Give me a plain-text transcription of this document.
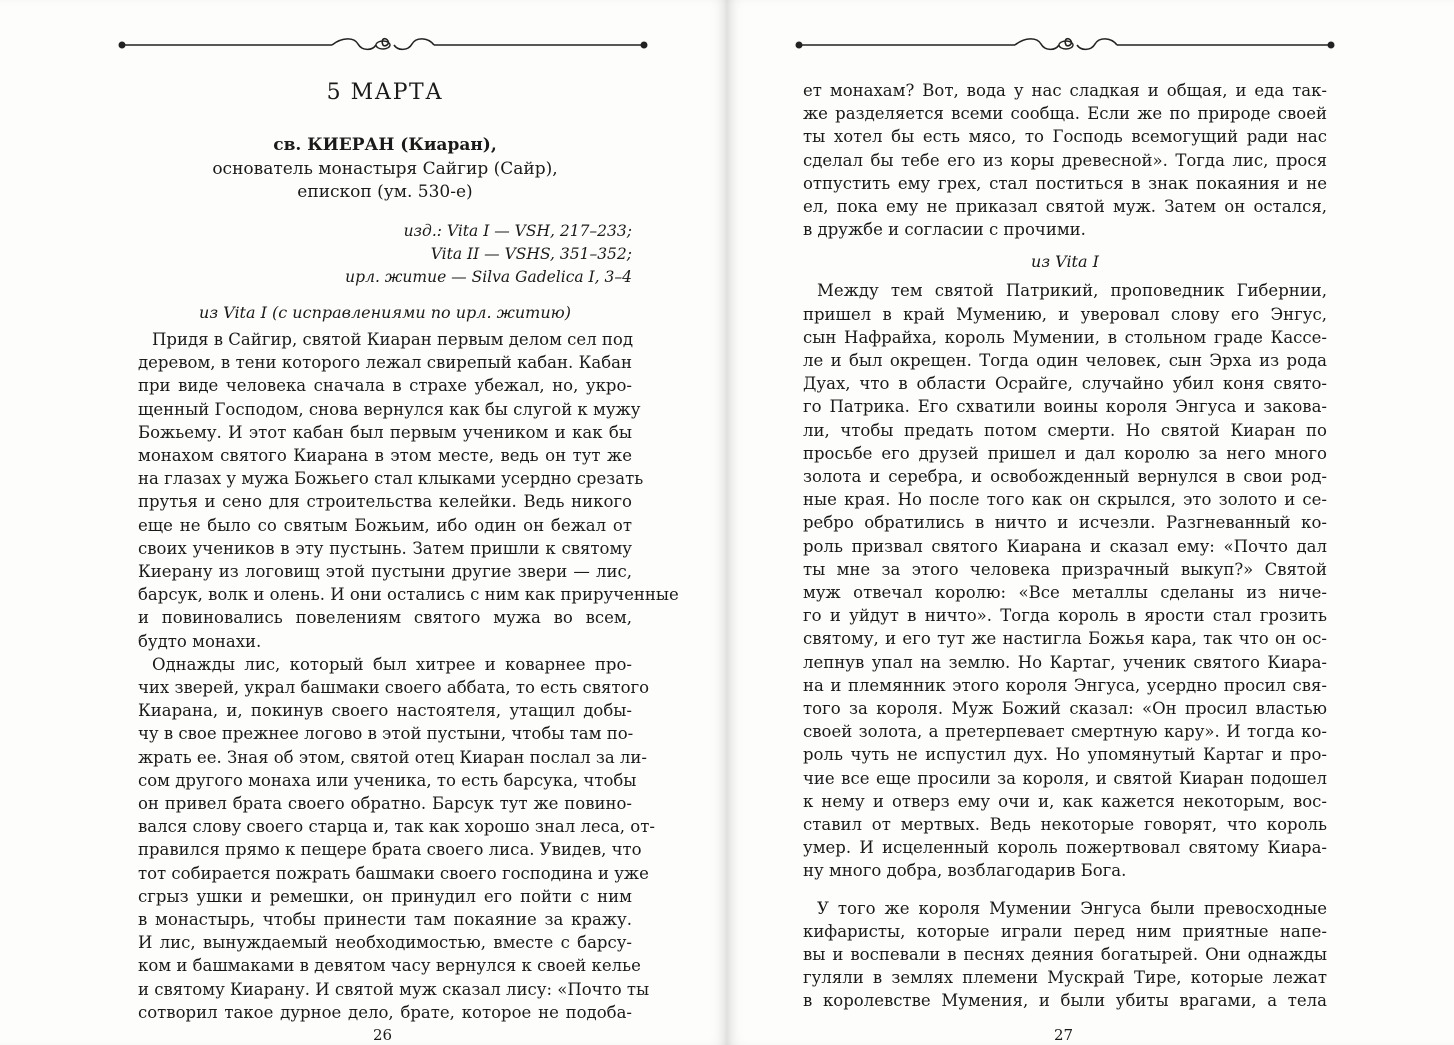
5 МАРТА
св. КИЕРАН (Киаран),
основатель монастыря Сайгир (Сайр),
епископ (ум. 530-е)
изд.: Vita I — VSH, 217–233;
Vita II — VSHS, 351–352;
ирл. житие — Silva Gadelica I, 3–4
из Vita I (с исправлениями по ирл. житию)
Придя в Сайгир, святой Киаран первым делом сел под
деревом, в тени которого лежал свирепый кабан. Кабан
при виде человека сначала в страхе убежал, но, укро-
щенный Господом, снова вернулся как бы слугой к мужу
Божьему. И этот кабан был первым учеником и как бы
монахом святого Киарана в этом месте, ведь он тут же
на глазах у мужа Божьего стал клыками усердно срезать
прутья и сено для строительства келейки. Ведь никого
еще не было со святым Божьим, ибо один он бежал от
своих учеников в эту пустынь. Затем пришли к святому
Киерану из логовищ этой пустыни другие звери — лис,
барсук, волк и олень. И они остались с ним как прирученные
и повиновались повелениям святого мужа во всем,
будто монахи.
Однажды лис, который был хитрее и коварнее про-
чих зверей, украл башмаки своего аббата, то есть святого
Киарана, и, покинув своего настоятеля, утащил добы-
чу в свое прежнее логово в этой пустыни, чтобы там по-
жрать ее. Зная об этом, святой отец Киаран послал за ли-
сом другого монаха или ученика, то есть барсука, чтобы
он привел брата своего обратно. Барсук тут же повино-
вался слову своего старца и, так как хорошо знал леса, от-
правился прямо к пещере брата своего лиса. Увидев, что
тот собирается пожрать башмаки своего господина и уже
сгрыз ушки и ремешки, он принудил его пойти с ним
в монастырь, чтобы принести там покаяние за кражу.
И лис, вынуждаемый необходимостью, вместе с барсу-
ком и башмаками в девятом часу вернулся к своей келье
и святому Киарану. И святой муж сказал лису: «Почто ты
сотворил такое дурное дело, брате, которое не подоба-
26
ет монахам? Вот, вода у нас сладкая и общая, и еда так-
же разделяется всеми сообща. Если же по природе своей
ты хотел бы есть мясо, то Господь всемогущий ради нас
сделал бы тебе его из коры древесной». Тогда лис, прося
отпустить ему грех, стал поститься в знак покаяния и не
ел, пока ему не приказал святой муж. Затем он остался,
в дружбе и согласии с прочими.
из Vita I
Между тем святой Патрикий, проповедник Гибернии,
пришел в край Мумению, и уверовал слову его Энгус,
сын Нафрайха, король Мумении, в стольном граде Кассе-
ле и был окрещен. Тогда один человек, сын Эрха из рода
Дуах, что в области Осрайге, случайно убил коня свято-
го Патрика. Его схватили воины короля Энгуса и закова-
ли, чтобы предать потом смерти. Но святой Киаран по
просьбе его друзей пришел и дал королю за него много
золота и серебра, и освобожденный вернулся в свои род-
ные края. Но после того как он скрылся, это золото и се-
ребро обратились в ничто и исчезли. Разгневанный ко-
роль призвал святого Киарана и сказал ему: «Почто дал
ты мне за этого человека призрачный выкуп?» Святой
муж отвечал королю: «Все металлы сделаны из ниче-
го и уйдут в ничто». Тогда король в ярости стал грозить
святому, и его тут же настигла Божья кара, так что он ос-
лепнув упал на землю. Но Картаг, ученик святого Киара-
на и племянник этого короля Энгуса, усердно просил свя-
того за короля. Муж Божий сказал: «Он просил властью
своей золота, а претерпевает смертную кару». И тогда ко-
роль чуть не испустил дух. Но упомянутый Картаг и про-
чие все еще просили за короля, и святой Киаран подошел
к нему и отверз ему очи и, как кажется некоторым, вос-
ставил от мертвых. Ведь некоторые говорят, что король
умер. И исцеленный король пожертвовал святому Киара-
ну много добра, возблагодарив Бога.
У того же короля Мумении Энгуса были превосходные
кифаристы, которые играли перед ним приятные напе-
вы и воспевали в песнях деяния богатырей. Они однажды
гуляли в землях племени Мускрай Тире, которые лежат
в королевстве Мумения, и были убиты врагами, а тела
27
